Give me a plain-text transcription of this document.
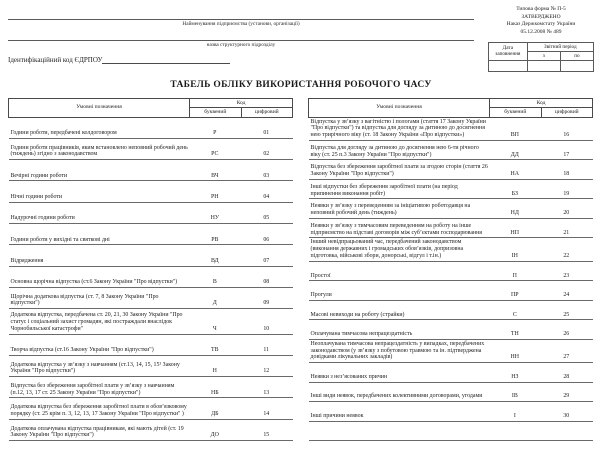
Найменування підприємства (установи, організації)
назва структурного підрозділу
Ідентифікаційний код ЄДРПОУ
Типова форма № П-5
ЗАТВЕРДЖЕНО
Наказ Держкомстату України
05.12.2008 № 489
Дата заповнення	Звітний період	
	з	по

ТАБЕЛЬ ОБЛІКУ ВИКОРИСТАННЯ РОБОЧОГО ЧАСУ
Умовні позначення	Код	
	буквений	цифровий
Години роботи, передбачені колдоговором	Р	01
Години роботи працівників, яким встановлено неповний робочий день (тиждень) згідно з законодавством	РС	02
Вечірні години роботи	ВЧ	03
Нічні години роботи	РН	04
Надурочні години роботи	НУ	05
Години роботи у вихідні та святкові дні	РВ	06
Відрядження	ВД	07
Основна щорічна відпустка (ст.6 Закону України "Про відпустки")	В	08
Щорічна додаткова відпустка (ст. 7, 8 Закону України "Про відпустки")	Д	09
Додаткова відпустка, передбачена ст. 20, 21, 30 Закону України "Про статус і соціальний захист громадян, які постраждали внаслідок Чорнобильської катастрофи"	Ч	10
Творча відпустка (ст.16 Закону України "Про відпустки")	ТВ	11
Додаткова відпустка у зв’язку з навчанням (ст.13, 14, 15, 15¹ Закону України "Про відпустки")	Н	12
Відпустка без збереження заробітної плати у зв’язку з навчанням (п.12, 13, 17 ст. 25 Закону України "Про відпустки")	НБ	13
Додаткова відпустка без збереження заробітної плати в обов’язковому порядку (ст. 25 крім п. 3, 12, 13, 17 Закону України "Про відпустки" )	ДБ	14
Додаткова оплачувана відпустка працівникам, які мають дітей (ст. 19 Закону України "Про відпустки")	ДО	15
Умовні позначення	Код	
	буквений	цифровий
Відпустка у зв’язку з вагітністю і пологами (стаття 17 Закону України "Про відпустки") та відпустка для догляду за дитиною до досягнення нею трирічного віку (ст. 18 Закону України «Про відпустки»)	ВП	16
Відпустка для догляду за дитиною до досягнення нею 6-ти річного віку (ст. 25 п.3 Закону України "Про відпустки")	ДД	17
Відпустка без збереження заробітної плати за згодою сторін (стаття 26 Закону України "Про відпустки")	НА	18
Інші відпустки без збереження заробітної плати (на період припинення виконання робіт)	БЗ	19
Неявки у зв’язку з переведенням за ініціативою роботодавця на неповний робочий день (тиждень)	НД	20
Неявки у зв’язку з тимчасовим переведенням на роботу на інше підприємство на підставі договорів між суб’єктами господарювання	НП	21
Інший невідпрацьований час, передбачений законодавством (виконання державних і громадських обов’язків, допризовна підготовка, військові збори, донорські, відгул і т.ін.)	ІН	22
Простої	П	23
Прогули	ПР	24
Масові невиходи на роботу (страйки)	С	25
Оплачувана тимчасова непрацездатність	ТН	26
Неоплачувана тимчасова непрацездатність у випадках, передбачених законодавством (у зв’язку з побутовою травмою та ін. підтверджена довідками лікувальних закладів)	НН	27
Неявки з нез’ясованих причин	НЗ	28
Інші види неявок, передбачених колективними договорами, угодами	ІВ	29
Інші причини неявок	І	30
